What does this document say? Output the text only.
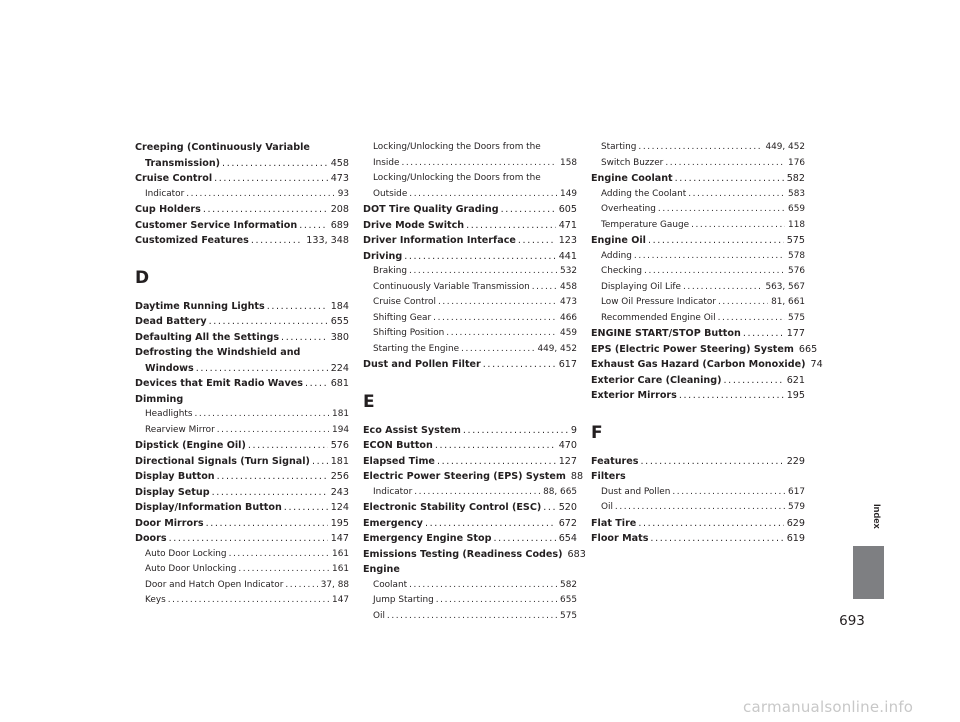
Creeping (Continuously Variable
Transmission) .....	458
Cruise Control .....	473
Indicator .....	93
Cup Holders .....	208
Customer Service Information .....	689
Customized Features .....	133, 348
D
Daytime Running Lights .....	184
Dead Battery .....	655
Defaulting All the Settings .....	380
Defrosting the Windshield and
Windows .....	224
Devices that Emit Radio Waves .....	681
Dimming
Headlights .....	181
Rearview Mirror .....	194
Dipstick (Engine Oil) .....	576
Directional Signals (Turn Signal) ..... 181
Display Button .....	256
Display Setup .....	243
Display/Information Button .....	124
Door Mirrors .....	195
Doors .....	147
Auto Door Locking .....	161
Auto Door Unlocking .....	161
Door and Hatch Open Indicator .....	37, 88
Keys .....	147
Locking/Unlocking the Doors from the
Inside .....	158
Locking/Unlocking the Doors from the
Outside .....	149
DOT Tire Quality Grading .....	605
Drive Mode Switch .....	471
Driver Information Interface .....	123
Driving .....	441
Braking .....	532
Continuously Variable Transmission .....	458
Cruise Control .....	473
Shifting Gear .....	466
Shifting Position .....	459
Starting the Engine .....	449, 452
Dust and Pollen Filter .....	617
E
Eco Assist System .....	9
ECON Button .....	470
Elapsed Time .....	127
Electric Power Steering (EPS) System 88
Indicator .....	88, 665
Electronic Stability Control (ESC) ..... 520
Emergency .....	672
Emergency Engine Stop .....	654
Emissions Testing (Readiness Codes) 683
Engine
Coolant .....	582
Jump Starting .....	655
Oil .....	575
Starting .....	449, 452
Switch Buzzer .....	176
Engine Coolant .....	582
Adding the Coolant .....	583
Overheating .....	659
Temperature Gauge .....	118
Engine Oil .....	575
Adding .....	578
Checking .....	576
Displaying Oil Life .....	563, 567
Low Oil Pressure Indicator .....	81, 661
Recommended Engine Oil .....	575
ENGINE START/STOP Button .....	177
EPS (Electric Power Steering) System 665
Exhaust Gas Hazard (Carbon Monoxide) 74
Exterior Care (Cleaning) .....	621
Exterior Mirrors .....	195
F
Features .....	229
Filters
Dust and Pollen .....	617
Oil .....	579
Flat Tire .....	629
Floor Mats .....	619
Index
693
carmanualsonline.info
